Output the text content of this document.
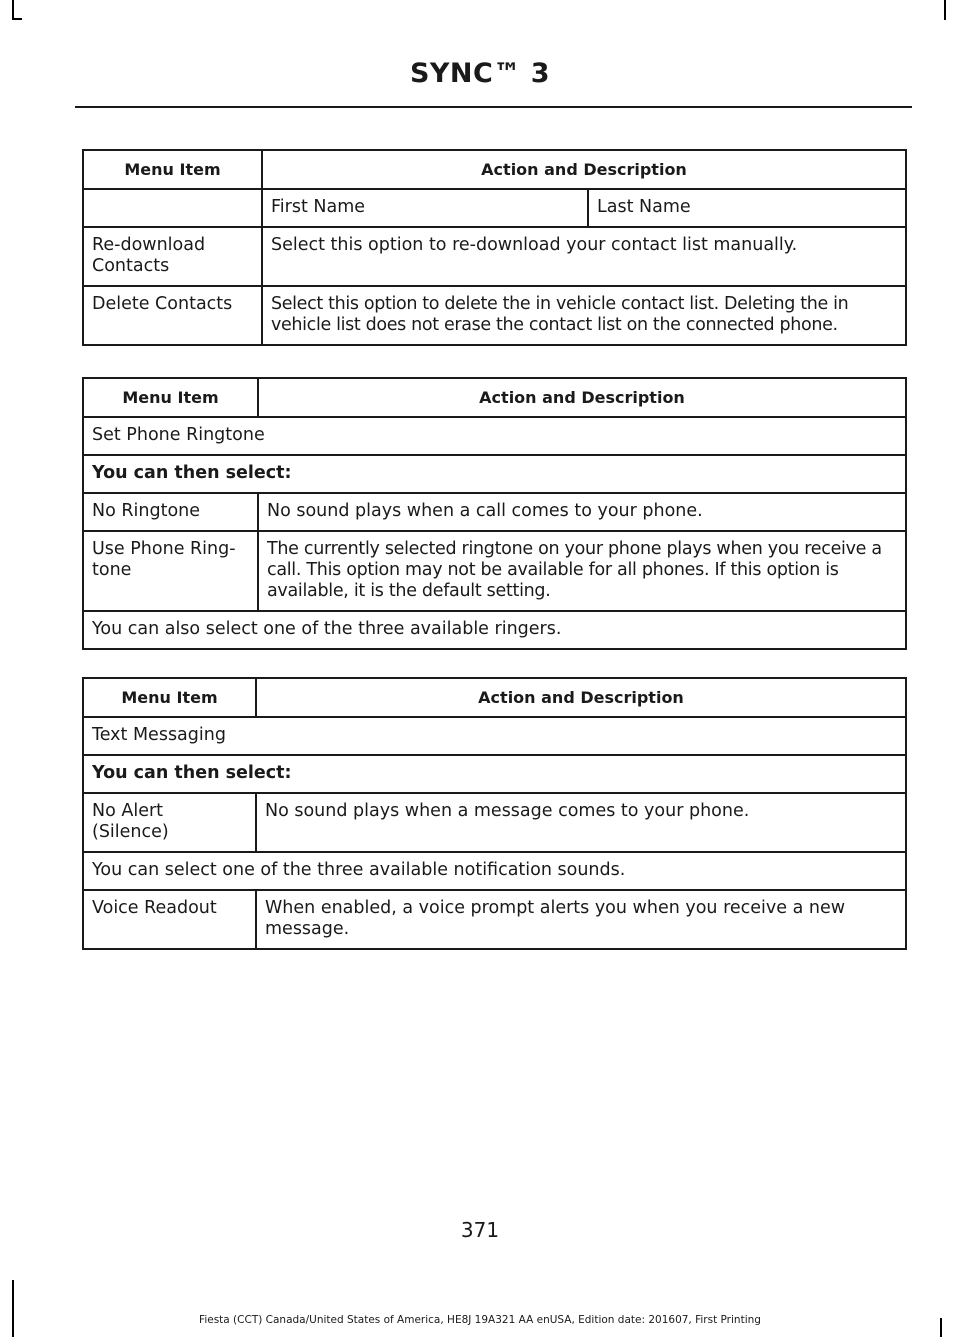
SYNC™ 3
Menu Item	Action and Description	
	First Name	Last Name
Re-download Contacts	Select this option to re-download your contact list manually.	
Delete Contacts	Select this option to delete the in vehicle contact list. Deleting the in vehicle list does not erase the contact list on the connected phone.	
Menu Item	Action and Description
Set Phone Ringtone	
You can then select:	
No Ringtone	No sound plays when a call comes to your phone.
Use Phone Ring- tone	The currently selected ringtone on your phone plays when you receive a call. This option may not be available for all phones. If this option is available, it is the default setting.
You can also select one of the three available ringers.	
Menu Item	Action and Description
Text Messaging	
You can then select:	
No Alert (Silence)	No sound plays when a message comes to your phone.
You can select one of the three available notification sounds.	
Voice Readout	When enabled, a voice prompt alerts you when you receive a new message.
371
Fiesta (CCT) Canada/United States of America, HE8J 19A321 AA enUSA, Edition date: 201607, First Printing
